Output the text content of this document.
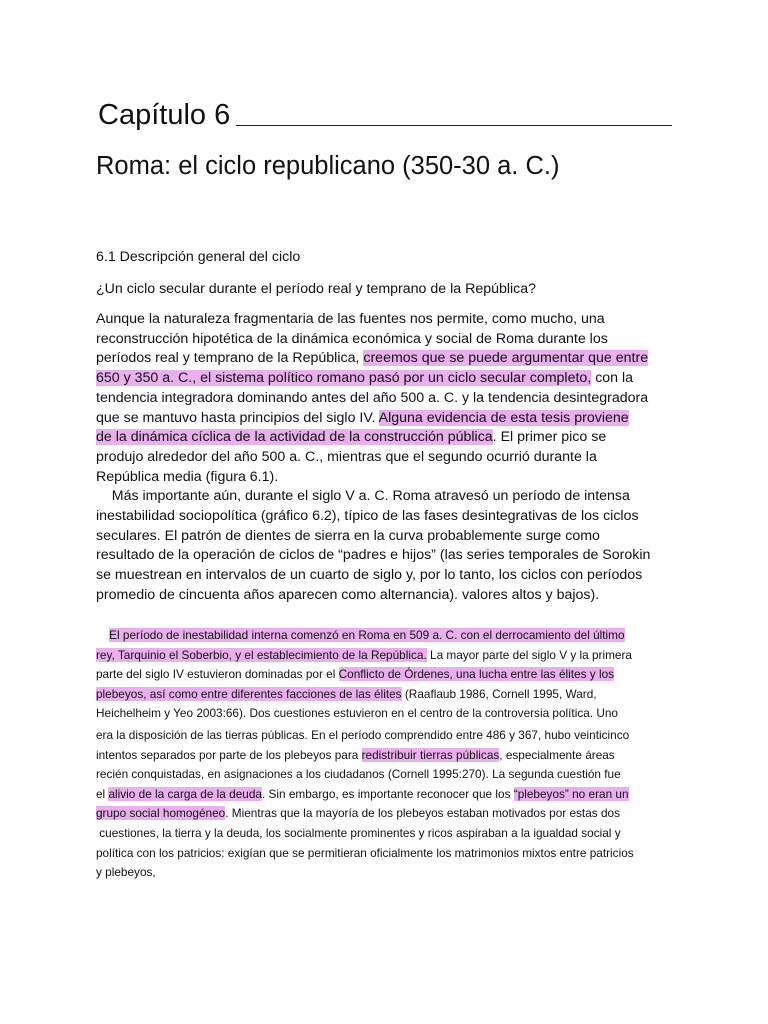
Capítulo 6
Roma: el ciclo republicano (350-30 a. C.)
6.1 Descripción general del ciclo
¿Un ciclo secular durante el período real y temprano de la República?
Aunque la naturaleza fragmentaria de las fuentes nos permite, como mucho, una
reconstrucción hipotética de la dinámica económica y social de Roma durante los
períodos real y temprano de la República, creemos que se puede argumentar que entre
650 y 350 a. C., el sistema político romano pasó por un ciclo secular completo, con la
tendencia integradora dominando antes del año 500 a. C. y la tendencia desintegradora
que se mantuvo hasta principios del siglo IV. Alguna evidencia de esta tesis proviene
de la dinámica cíclica de la actividad de la construcción pública. El primer pico se
produjo alrededor del año 500 a. C., mientras que el segundo ocurrió durante la
República media (figura 6.1).
Más importante aún, durante el siglo V a. C. Roma atravesó un período de intensa
inestabilidad sociopolítica (gráfico 6.2), típico de las fases desintegrativas de los ciclos
seculares. El patrón de dientes de sierra en la curva probablemente surge como
resultado de la operación de ciclos de “padres e hijos” (las series temporales de Sorokin
se muestrean en intervalos de un cuarto de siglo y, por lo tanto, los ciclos con períodos
promedio de cincuenta años aparecen como alternancia). valores altos y bajos).
El período de inestabilidad interna comenzó en Roma en 509 a. C. con el derrocamiento del último
rey, Tarquinio el Soberbio, y el establecimiento de la República. La mayor parte del siglo V y la primera
parte del siglo IV estuvieron dominadas por el Conflicto de Órdenes, una lucha entre las élites y los
plebeyos, así como entre diferentes facciones de las élites (Raaflaub 1986, Cornell 1995, Ward,
Heichelheim y Yeo 2003:66). Dos cuestiones estuvieron en el centro de la controversia política. Uno
era la disposición de las tierras públicas. En el período comprendido entre 486 y 367, hubo veinticinco
intentos separados por parte de los plebeyos para redistribuir tierras públicas, especialmente áreas
recién conquistadas, en asignaciones a los ciudadanos (Cornell 1995:270). La segunda cuestión fue
el alivio de la carga de la deuda. Sin embargo, es importante reconocer que los “plebeyos” no eran un
grupo social homogéneo. Mientras que la mayoría de los plebeyos estaban motivados por estas dos
cuestiones, la tierra y la deuda, los socialmente prominentes y ricos aspiraban a la igualdad social y
política con los patricios: exigían que se permitieran oficialmente los matrimonios mixtos entre patricios
y plebeyos,
